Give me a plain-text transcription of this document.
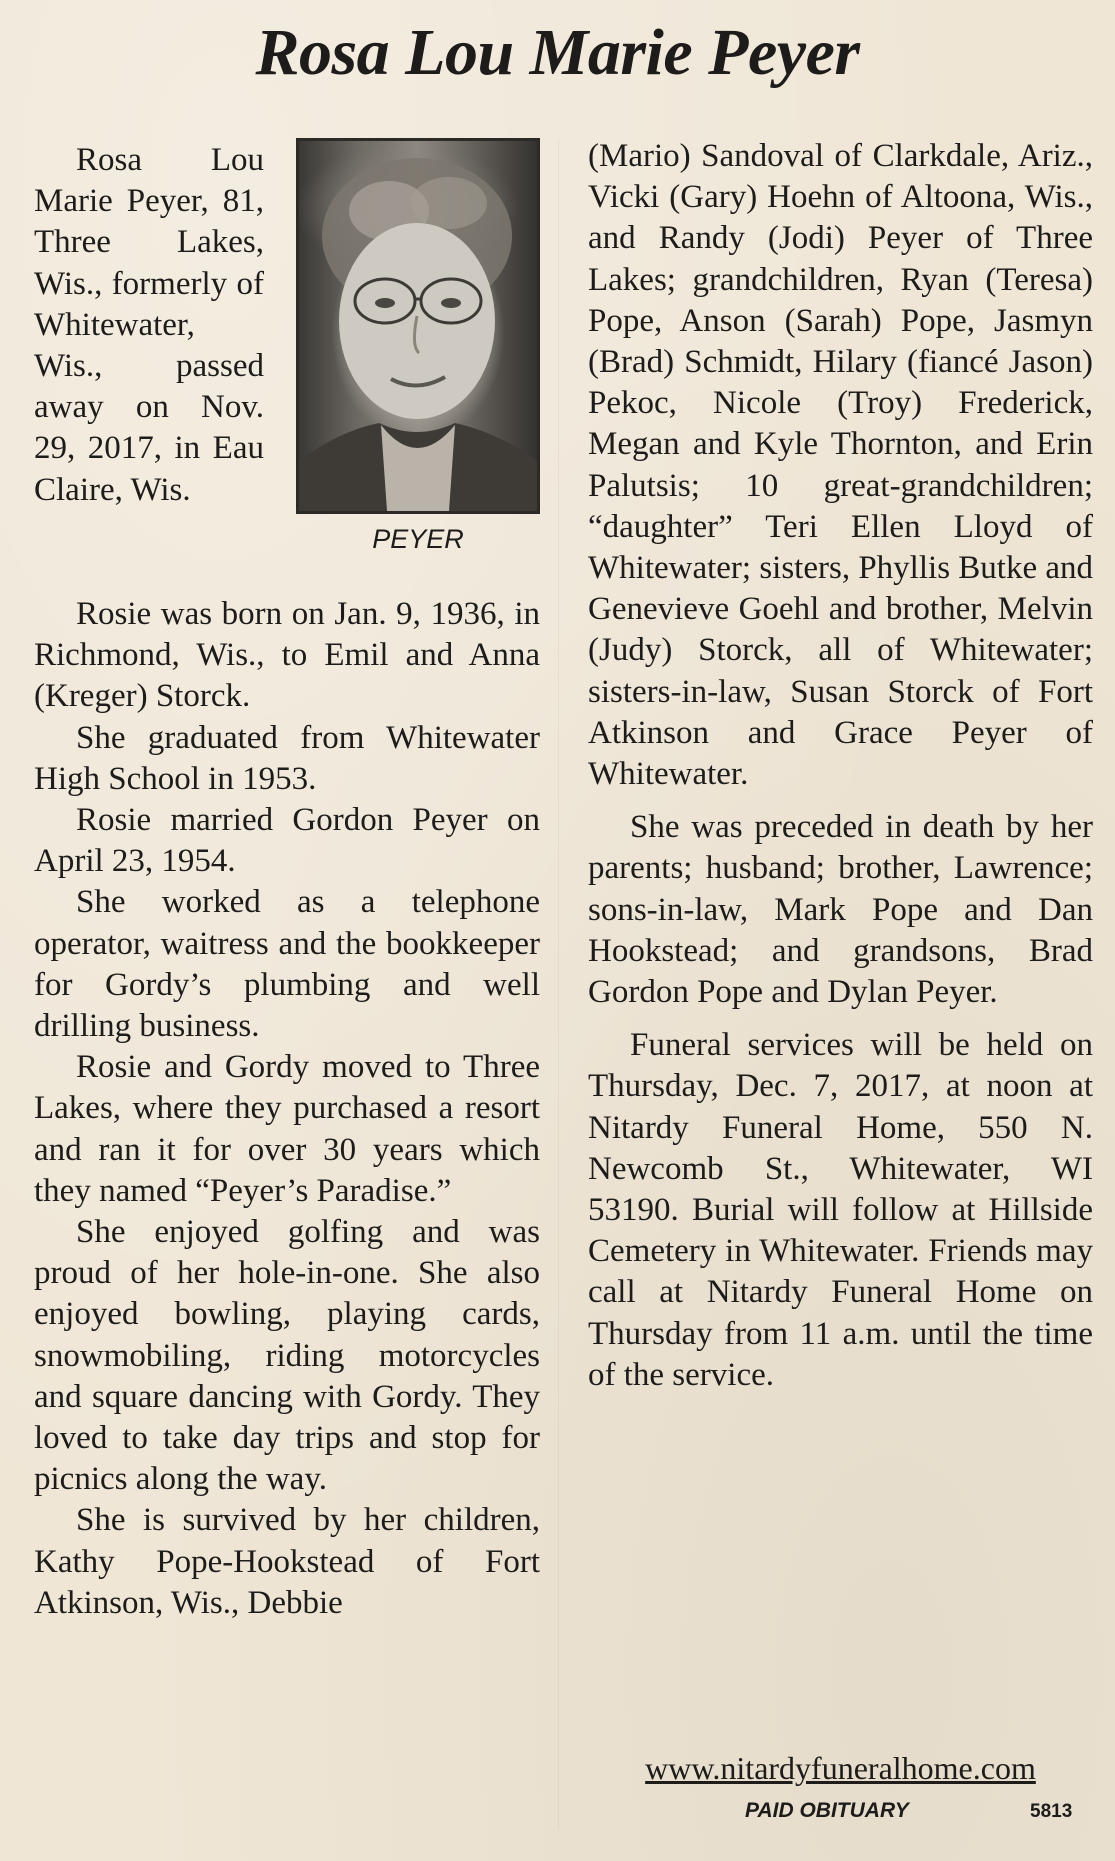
Rosa Lou Marie Peyer

Rosa Lou Marie Peyer, 81, Three Lakes, Wis., formerly of Whitewater, Wis., passed away on Nov. 29, 2017, in Eau Claire, Wis.

PEYER

Rosie was born on Jan. 9, 1936, in Richmond, Wis., to Emil and Anna (Kreger) Storck.

She graduated from Whitewater High School in 1953.

Rosie married Gordon Peyer on April 23, 1954.

She worked as a telephone operator, waitress and the bookkeeper for Gordy’s plumbing and well drilling business.

Rosie and Gordy moved to Three Lakes, where they purchased a resort and ran it for over 30 years which they named “Peyer’s Paradise.”

She enjoyed golfing and was proud of her hole-in-one. She also enjoyed bowling, playing cards, snowmobiling, riding motorcycles and square dancing with Gordy. They loved to take day trips and stop for picnics along the way.

She is survived by her children, Kathy Pope-Hookstead of Fort Atkinson, Wis., Debbie

(Mario) Sandoval of Clarkdale, Ariz., Vicki (Gary) Hoehn of Altoona, Wis., and Randy (Jodi) Peyer of Three Lakes; grandchildren, Ryan (Teresa) Pope, Anson (Sarah) Pope, Jasmyn (Brad) Schmidt, Hilary (fiancé Jason) Pekoc, Nicole (Troy) Frederick, Megan and Kyle Thornton, and Erin Palutsis; 10 great-grandchildren; “daughter” Teri Ellen Lloyd of Whitewater; sisters, Phyllis Butke and Genevieve Goehl and brother, Melvin (Judy) Storck, all of Whitewater; sisters-in-law, Susan Storck of Fort Atkinson and Grace Peyer of Whitewater.

She was preceded in death by her parents; husband; brother, Lawrence; sons-in-law, Mark Pope and Dan Hookstead; and grandsons, Brad Gordon Pope and Dylan Peyer.

Funeral services will be held on Thursday, Dec. 7, 2017, at noon at Nitardy Funeral Home, 550 N. Newcomb St., Whitewater, WI 53190. Burial will follow at Hillside Cemetery in Whitewater. Friends may call at Nitardy Funeral Home on Thursday from 11 a.m. until the time of the service.

www.nitardyfuneralhome.com
PAID OBITUARY	5813
